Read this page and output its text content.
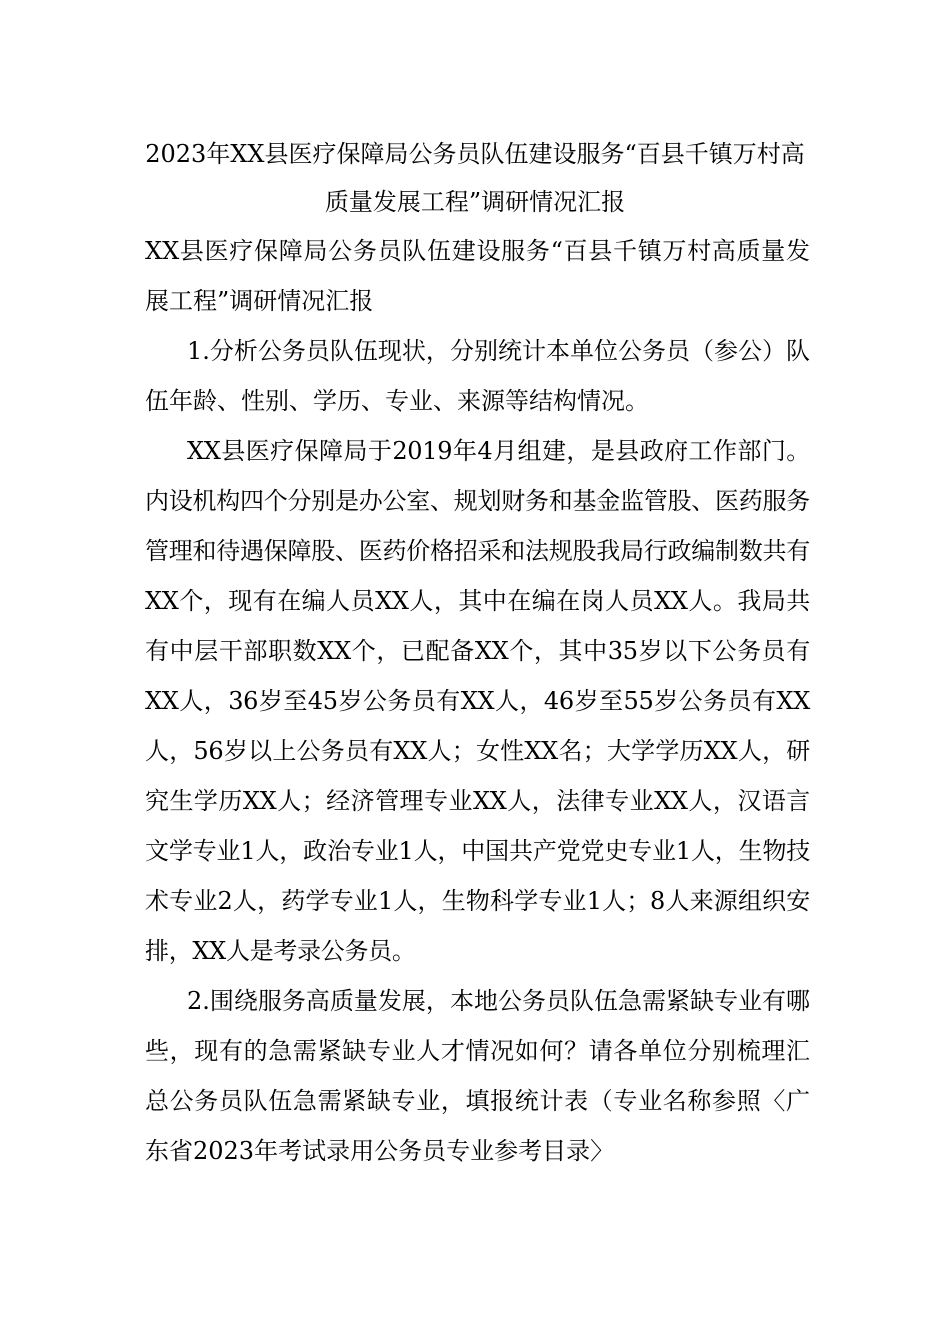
2023年XX县医疗保障局公务员队伍建设服务“百县千镇万村高质量发展工程”调研情况汇报

XX县医疗保障局公务员队伍建设服务“百县千镇万村高质量发展工程”调研情况汇报

1.分析公务员队伍现状，分别统计本单位公务员（参公）队伍年龄、性别、学历、专业、来源等结构情况。

XX县医疗保障局于2019年4月组建，是县政府工作部门。内设机构四个分别是办公室、规划财务和基金监管股、医药服务管理和待遇保障股、医药价格招采和法规股我局行政编制数共有XX个，现有在编人员XX人，其中在编在岗人员XX人。我局共有中层干部职数XX个，已配备XX个，其中35岁以下公务员有XX人，36岁至45岁公务员有XX人，46岁至55岁公务员有XX人，56岁以上公务员有XX人；女性XX名；大学学历XX人，研究生学历XX人；经济管理专业XX人，法律专业XX人，汉语言文学专业1人，政治专业1人，中国共产党党史专业1人，生物技术专业2人，药学专业1人，生物科学专业1人；8人来源组织安排，XX人是考录公务员。

2.围绕服务高质量发展，本地公务员队伍急需紧缺专业有哪些，现有的急需紧缺专业人才情况如何？请各单位分别梳理汇总公务员队伍急需紧缺专业，填报统计表（专业名称参照〈广东省2023年考试录用公务员专业参考目录〉
